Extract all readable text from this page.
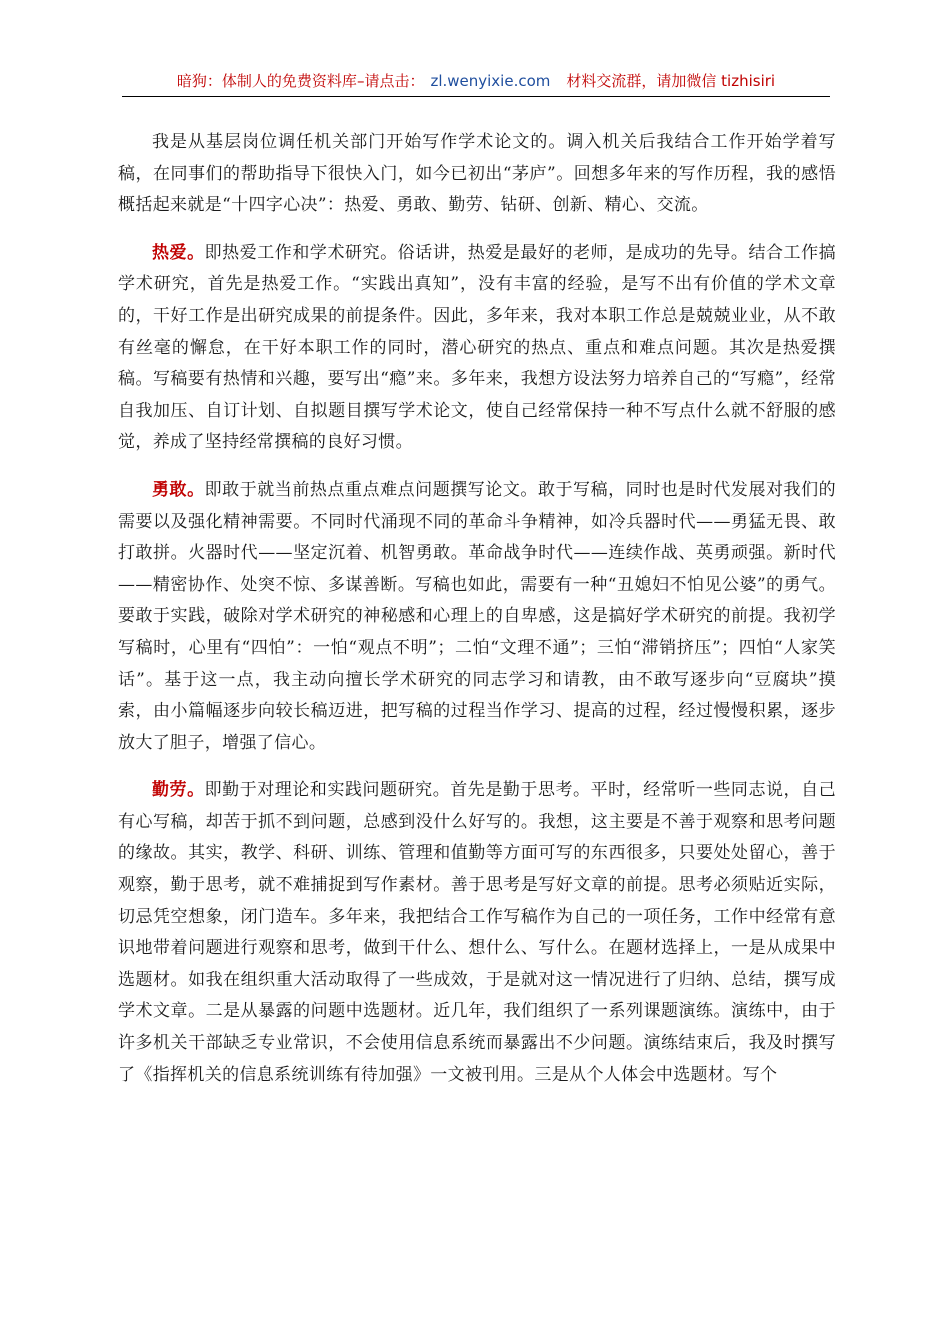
暗狗：体制人的免费资料库–请点击： zl.wenyixie.com 材料交流群，请加微信 tizhisiri

我是从基层岗位调任机关部门开始写作学术论文的。调入机关后我结合工作开始学着写稿，在同事们的帮助指导下很快入门，如今已初出“茅庐”。回想多年来的写作历程，我的感悟概括起来就是“十四字心决”：热爱、勇敢、勤劳、钻研、创新、精心、交流。

热爱。即热爱工作和学术研究。俗话讲，热爱是最好的老师，是成功的先导。结合工作搞学术研究，首先是热爱工作。“实践出真知”，没有丰富的经验，是写不出有价值的学术文章的，干好工作是出研究成果的前提条件。因此，多年来，我对本职工作总是兢兢业业，从不敢有丝毫的懈怠，在干好本职工作的同时，潜心研究的热点、重点和难点问题。其次是热爱撰稿。写稿要有热情和兴趣，要写出“瘾”来。多年来，我想方设法努力培养自己的“写瘾”，经常自我加压、自订计划、自拟题目撰写学术论文，使自己经常保持一种不写点什么就不舒服的感觉，养成了坚持经常撰稿的良好习惯。

勇敢。即敢于就当前热点重点难点问题撰写论文。敢于写稿，同时也是时代发展对我们的需要以及强化精神需要。不同时代涌现不同的革命斗争精神，如冷兵器时代——勇猛无畏、敢打敢拼。火器时代——坚定沉着、机智勇敢。革命战争时代——连续作战、英勇顽强。新时代——精密协作、处突不惊、多谋善断。写稿也如此，需要有一种“丑媳妇不怕见公婆”的勇气。要敢于实践，破除对学术研究的神秘感和心理上的自卑感，这是搞好学术研究的前提。我初学写稿时，心里有“四怕”：一怕“观点不明”；二怕“文理不通”；三怕“滞销挤压”；四怕“人家笑话”。基于这一点，我主动向擅长学术研究的同志学习和请教，由不敢写逐步向“豆腐块”摸索，由小篇幅逐步向较长稿迈进，把写稿的过程当作学习、提高的过程，经过慢慢积累，逐步放大了胆子，增强了信心。

勤劳。即勤于对理论和实践问题研究。首先是勤于思考。平时，经常听一些同志说，自己有心写稿，却苦于抓不到问题，总感到没什么好写的。我想，这主要是不善于观察和思考问题的缘故。其实，教学、科研、训练、管理和值勤等方面可写的东西很多，只要处处留心，善于观察，勤于思考，就不难捕捉到写作素材。善于思考是写好文章的前提。思考必须贴近实际，切忌凭空想象，闭门造车。多年来，我把结合工作写稿作为自己的一项任务，工作中经常有意识地带着问题进行观察和思考，做到干什么、想什么、写什么。在题材选择上，一是从成果中选题材。如我在组织重大活动取得了一些成效，于是就对这一情况进行了归纳、总结，撰写成学术文章。二是从暴露的问题中选题材。近几年，我们组织了一系列课题演练。演练中，由于许多机关干部缺乏专业常识，不会使用信息系统而暴露出不少问题。演练结束后，我及时撰写了《指挥机关的信息系统训练有待加强》一文被刊用。三是从个人体会中选题材。写个
